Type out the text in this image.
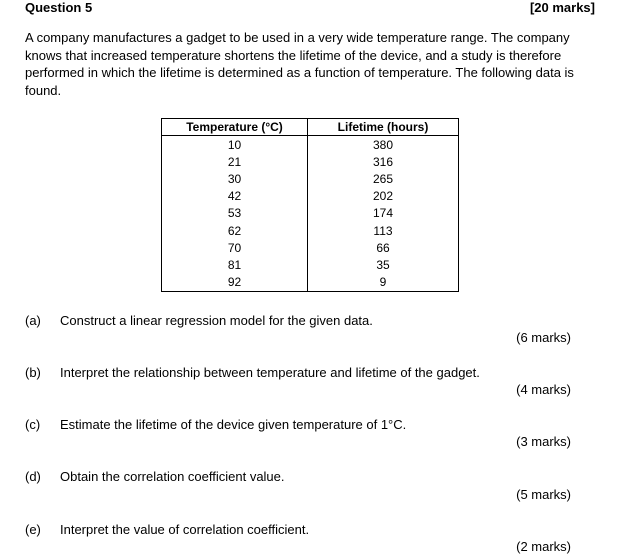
Question 5	[20 marks]
A company manufactures a gadget to be used in a very wide temperature range. The company knows that increased temperature shortens the lifetime of the device, and a study is therefore performed in which the lifetime is determined as a function of temperature. The following data is found.
Temperature (°C)	Lifetime (hours)
10	380
21	316
30	265
42	202
53	174
62	113
70	66
81	35
92	9
(a) Construct a linear regression model for the given data.
(6 marks)
(b) Interpret the relationship between temperature and lifetime of the gadget.
(4 marks)
(c) Estimate the lifetime of the device given temperature of 1°C.
(3 marks)
(d) Obtain the correlation coefficient value.
(5 marks)
(e) Interpret the value of correlation coefficient.
(2 marks)
